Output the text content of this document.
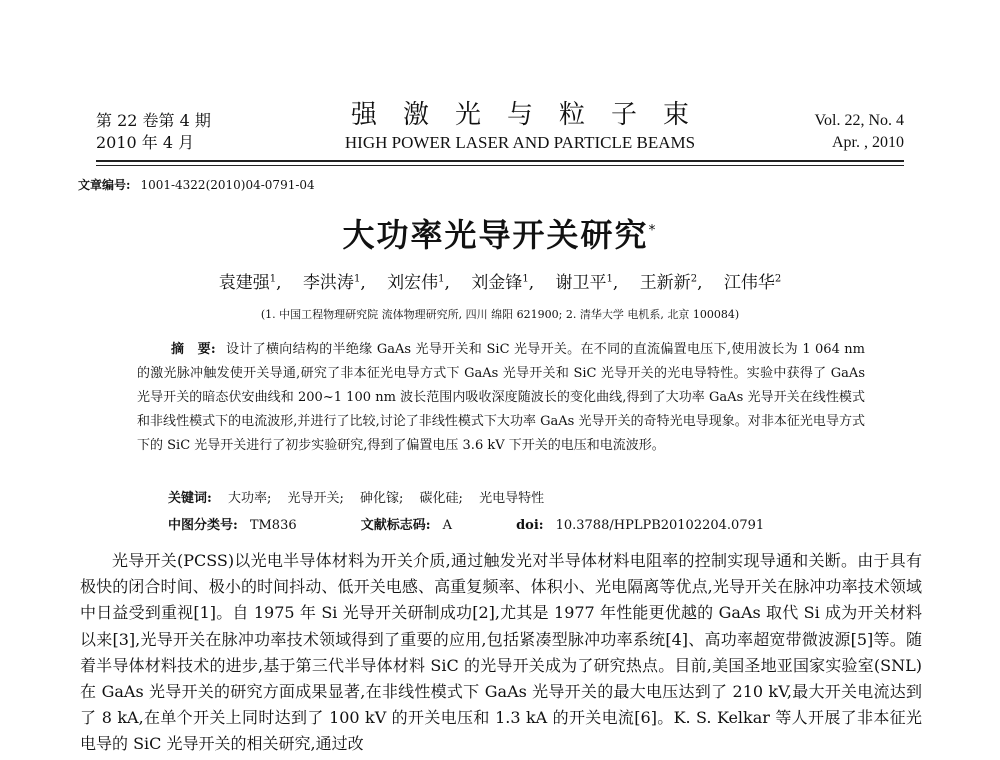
第 22 卷第 4 期
2010 年 4 月
强激光与粒子束
HIGH POWER LASER AND PARTICLE BEAMS
Vol. 22, No. 4
Apr. , 2010
文章编号: 1001-4322(2010)04-0791-04
大功率光导开关研究*
袁建强$^1$, 李洪涛$^1$, 刘宏伟$^1$, 刘金锋$^1$, 谢卫平$^1$, 王新新$^2$, 江伟华$^2$
(1. 中国工程物理研究院 流体物理研究所, 四川 绵阳 621900; 2. 清华大学 电机系, 北京 100084)
摘　要: 设计了横向结构的半绝缘 GaAs 光导开关和 SiC 光导开关。在不同的直流偏置电压下,使用波长为 1 064 nm 的激光脉冲触发使开关导通,研究了非本征光电导方式下 GaAs 光导开关和 SiC 光导开关的光电导特性。实验中获得了 GaAs 光导开关的暗态伏安曲线和 200~1 100 nm 波长范围内吸收深度随波长的变化曲线,得到了大功率 GaAs 光导开关在线性模式和非线性模式下的电流波形,并进行了比较,讨论了非线性模式下大功率 GaAs 光导开关的奇特光电导现象。对非本征光电导方式下的 SiC 光导开关进行了初步实验研究,得到了偏置电压 3.6 kV 下开关的电压和电流波形。
关键词: 大功率; 光导开关; 砷化镓; 碳化硅; 光电导特性
中图分类号: TM836	文献标志码: A	doi: 10.3788/HPLPB20102204.0791

光导开关(PCSS)以光电半导体材料为开关介质,通过触发光对半导体材料电阻率的控制实现导通和关断。由于具有极快的闭合时间、极小的时间抖动、低开关电感、高重复频率、体积小、光电隔离等优点,光导开关在脉冲功率技术领域中日益受到重视[1]。自 1975 年 Si 光导开关研制成功[2],尤其是 1977 年性能更优越的 GaAs 取代 Si 成为开关材料以来[3],光导开关在脉冲功率技术领域得到了重要的应用,包括紧凑型脉冲功率系统[4]、高功率超宽带微波源[5]等。随着半导体材料技术的进步,基于第三代半导体材料 SiC 的光导开关成为了研究热点。目前,美国圣地亚国家实验室(SNL)在 GaAs 光导开关的研究方面成果显著,在非线性模式下 GaAs 光导开关的最大电压达到了 210 kV,最大开关电流达到了 8 kA,在单个开关上同时达到了 100 kV 的开关电压和 1.3 kA 的开关电流[6]。K. S. Kelkar 等人开展了非本征光电导的 SiC 光导开关的相关研究,通过改
